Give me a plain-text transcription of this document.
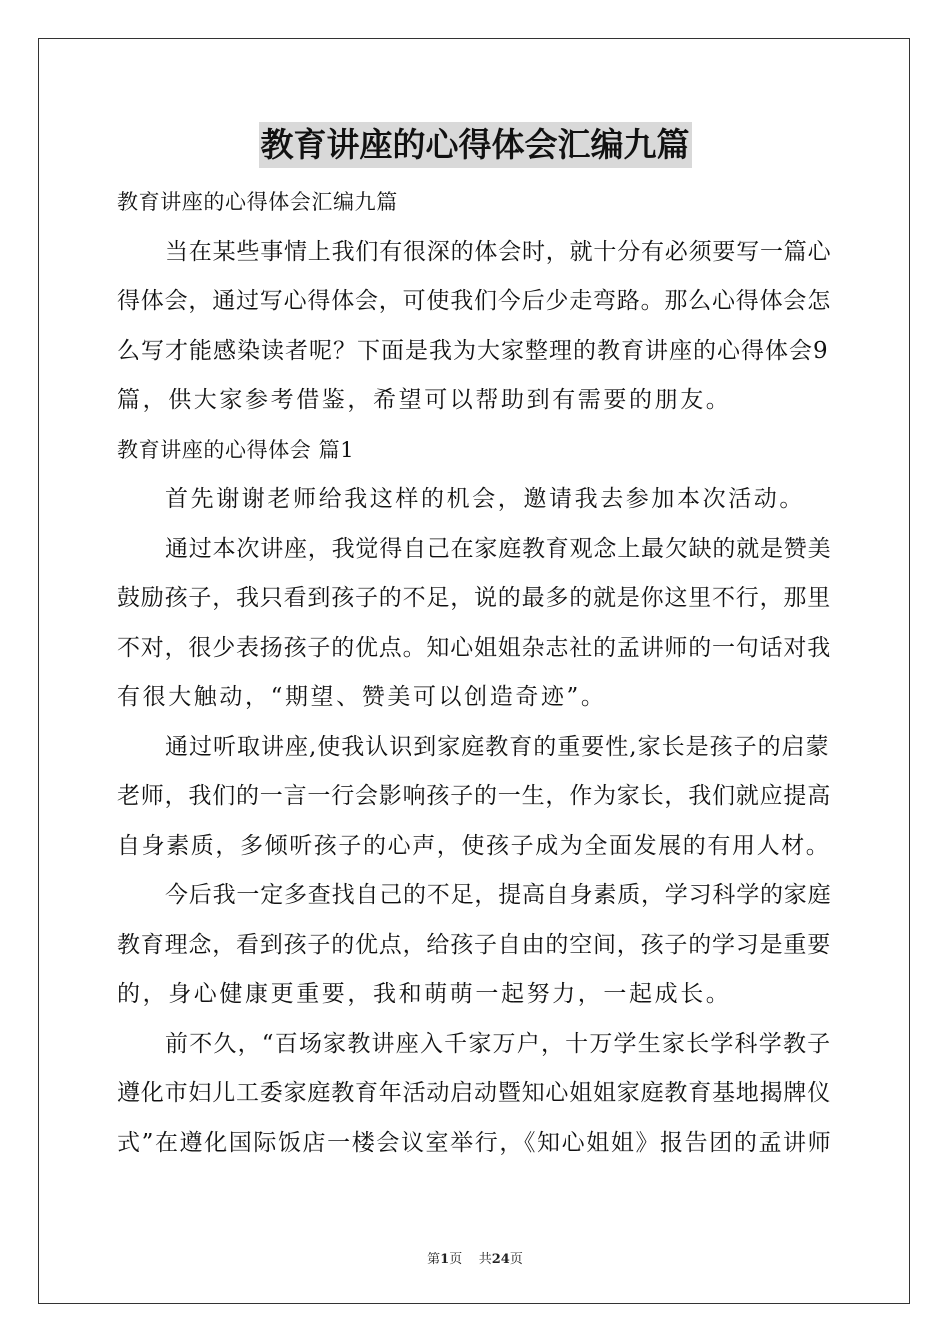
教育讲座的心得体会汇编九篇
教育讲座的心得体会汇编九篇
当在某些事情上我们有很深的体会时，就十分有必须要写一篇心
得体会，通过写心得体会，可使我们今后少走弯路。那么心得体会怎
么写才能感染读者呢？下面是我为大家整理的教育讲座的心得体会9
篇，供大家参考借鉴，希望可以帮助到有需要的朋友。
教育讲座的心得体会 篇1
首先谢谢老师给我这样的机会，邀请我去参加本次活动。
通过本次讲座，我觉得自己在家庭教育观念上最欠缺的就是赞美
鼓励孩子，我只看到孩子的不足，说的最多的就是你这里不行，那里
不对，很少表扬孩子的优点。知心姐姐杂志社的孟讲师的一句话对我
有很大触动，“期望、赞美可以创造奇迹”。
通过听取讲座,使我认识到家庭教育的重要性,家长是孩子的启蒙
老师，我们的一言一行会影响孩子的一生，作为家长，我们就应提高
自身素质，多倾听孩子的心声，使孩子成为全面发展的有用人材。
今后我一定多查找自己的不足，提高自身素质，学习科学的家庭
教育理念，看到孩子的优点，给孩子自由的空间，孩子的学习是重要
的，身心健康更重要，我和萌萌一起努力，一起成长。
前不久，“百场家教讲座入千家万户，十万学生家长学科学教子
遵化市妇儿工委家庭教育年活动启动暨知心姐姐家庭教育基地揭牌仪
式”在遵化国际饭店一楼会议室举行，《知心姐姐》报告团的孟讲师
第1页 共24页
